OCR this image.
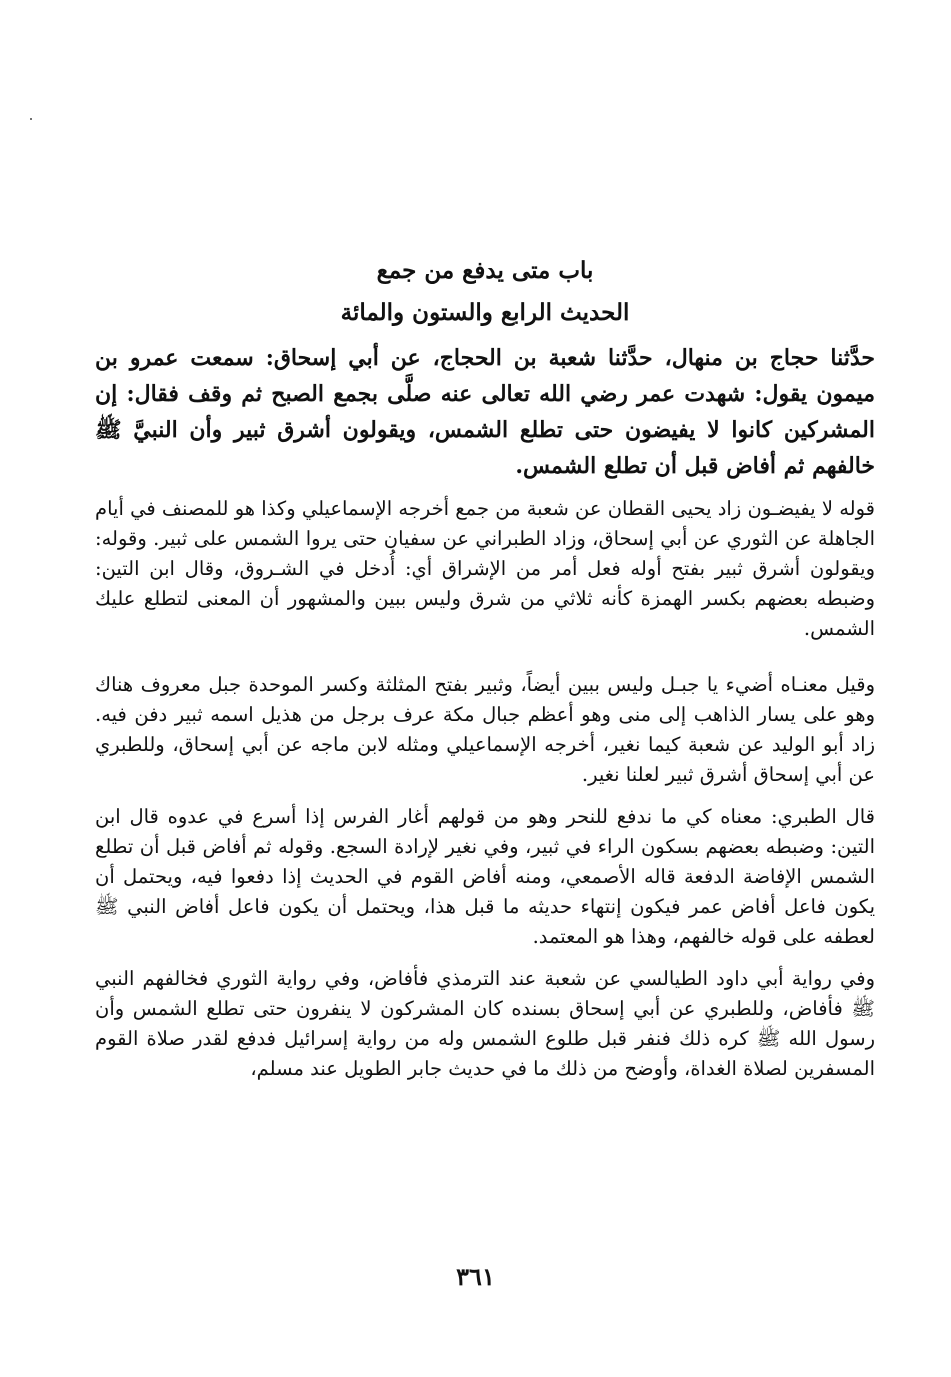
باب متى يدفع من جمع

الحديث الرابع والستون والمائة

حدَّثنا حجاج بن منهال، حدَّثنا شعبة بن الحجاج، عن أبي إسحاق: سمعت عمرو بن ميمون يقول: شهدت عمر رضي الله تعالى عنه صلَّى بجمع الصبح ثم وقف فقال: إن المشركين كانوا لا يفيضون حتى تطلع الشمس، ويقولون أشرق ثبير وأن النبيَّ ﷺ خالفهم ثم أفاض قبل أن تطلع الشمس.

قوله لا يفيضـون زاد يحيى القطان عن شعبة من جمع أخرجه الإسماعيلي وكذا هو للمصنف في أيام الجاهلة عن الثوري عن أبي إسحاق، وزاد الطبراني عن سفيان حتى يروا الشمس على ثبير. وقوله: ويقولون أشرق ثبير بفتح أوله فعل أمر من الإشراق أي: أُدخل في الشـروق، وقال ابن التين: وضبطه بعضهم بكسر الهمزة كأنه ثلاثي من شرق وليس ببين والمشهور أن المعنى لتطلع عليك الشمس.

وقيل معنـاه أضيء يا جبـل وليس ببين أيضاً، وثبير بفتح المثلثة وكسر الموحدة جبل معروف هناك وهو على يسار الذاهب إلى منى وهو أعظم جبال مكة عرف برجل من هذيل اسمه ثبير دفن فيه. زاد أبو الوليد عن شعبة كيما نغير، أخرجه الإسماعيلي ومثله لابن ماجه عن أبي إسحاق، وللطبري عن أبي إسحاق أشرق ثبير لعلنا نغير.

قال الطبري: معناه كي ما ندفع للنحر وهو من قولهم أغار الفرس إذا أسرع في عدوه قال ابن التين: وضبطه بعضهم بسكون الراء في ثبير، وفي نغير لإرادة السجع. وقوله ثم أفاض قبل أن تطلع الشمس الإفاضة الدفعة قاله الأصمعي، ومنه أفاض القوم في الحديث إذا دفعوا فيه، ويحتمل أن يكون فاعل أفاض عمر فيكون إنتهاء حديثه ما قبل هذا، ويحتمل أن يكون فاعل أفاض النبي ﷺ لعطفه على قوله خالفهم، وهذا هو المعتمد.

وفي رواية أبي داود الطيالسي عن شعبة عند الترمذي فأفاض، وفي رواية الثوري فخالفهم النبي ﷺ فأفاض، وللطبري عن أبي إسحاق بسنده كان المشركون لا ينفرون حتى تطلع الشمس وأن رسول الله ﷺ كره ذلك فنفر قبل طلوع الشمس وله من رواية إسرائيل فدفع لقدر صلاة القوم المسفرين لصلاة الغداة، وأوضح من ذلك ما في حديث جابر الطويل عند مسلم،

٣٦١
